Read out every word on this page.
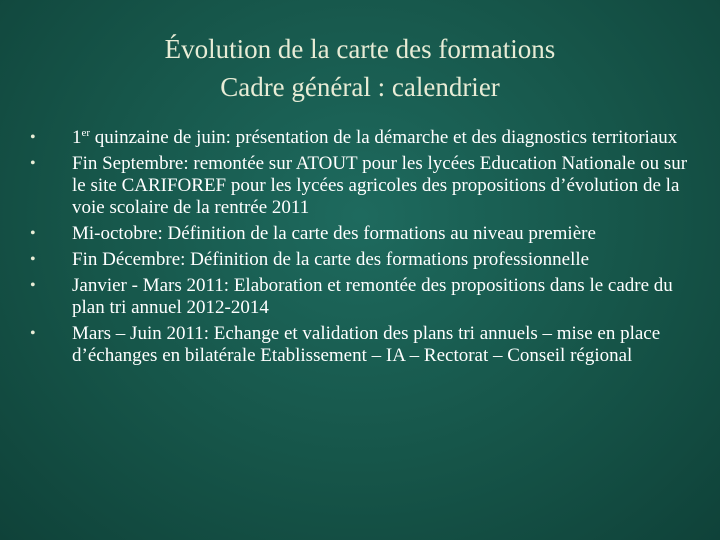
Évolution de la carte des formations
Cadre général : calendrier
•	1er quinzaine de juin: présentation de la démarche et des diagnostics territoriaux
•	Fin Septembre: remontée sur ATOUT pour les lycées Education Nationale ou sur le site CARIFOREF pour les lycées agricoles des propositions d’évolution de la voie scolaire de la rentrée 2011
•	Mi-octobre: Définition de la carte des formations au niveau première
•	Fin Décembre: Définition de la carte des formations professionnelle
•	Janvier - Mars 2011: Elaboration et remontée des propositions dans le cadre du plan tri annuel 2012-2014
•	Mars – Juin 2011: Echange et validation des plans tri annuels – mise en place d’échanges en bilatérale Etablissement – IA – Rectorat – Conseil régional
